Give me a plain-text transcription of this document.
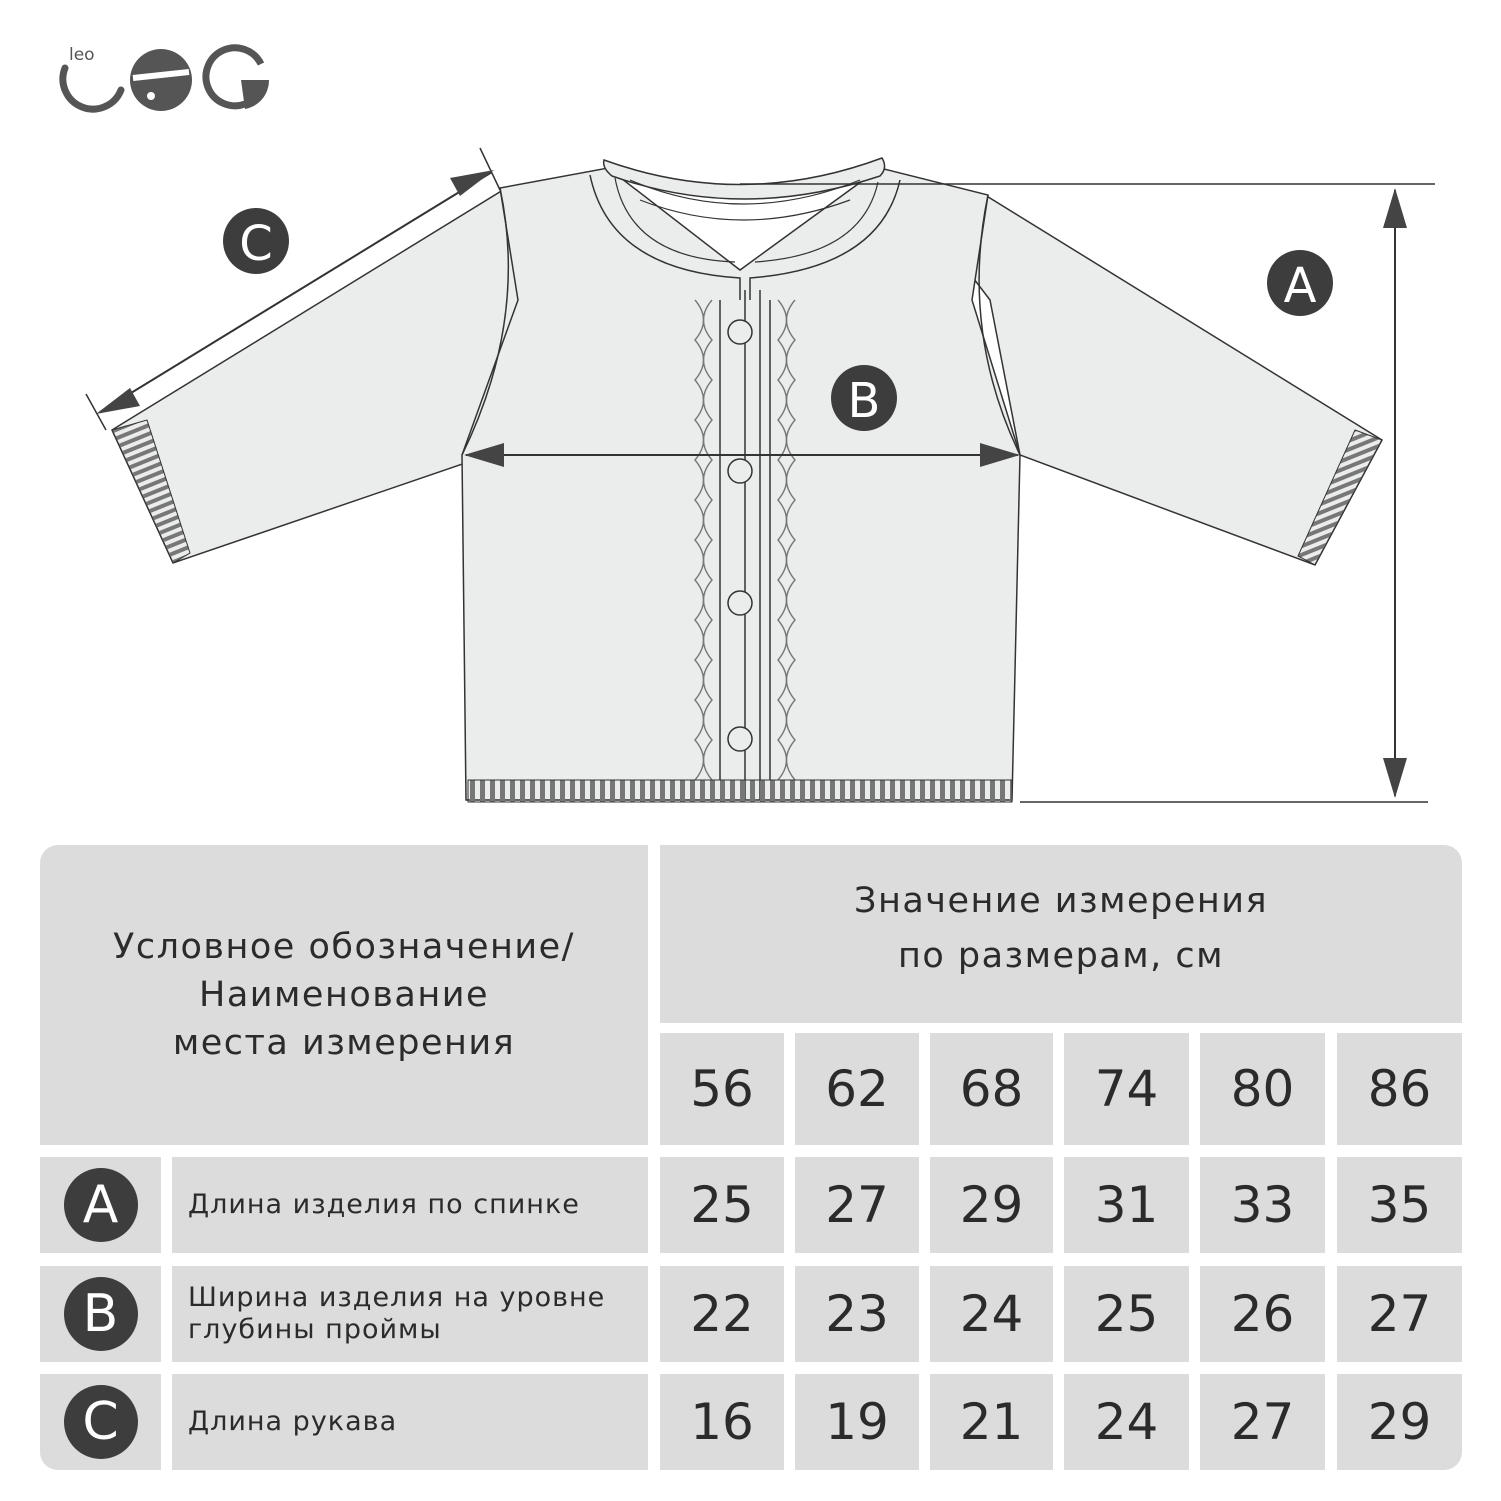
leo
A
B
C
Условное обозначение/
Наименование
места измерения
Значение измерения
по размерам, см
56 62 68 74 80 86
A	Длина изделия по спинке 25 27 29 31 33 35
B	Ширина изделия на уровне
глубины проймы	22 23 24 25 26 27
C	Длина рукава	16 19 21 24 27 29
